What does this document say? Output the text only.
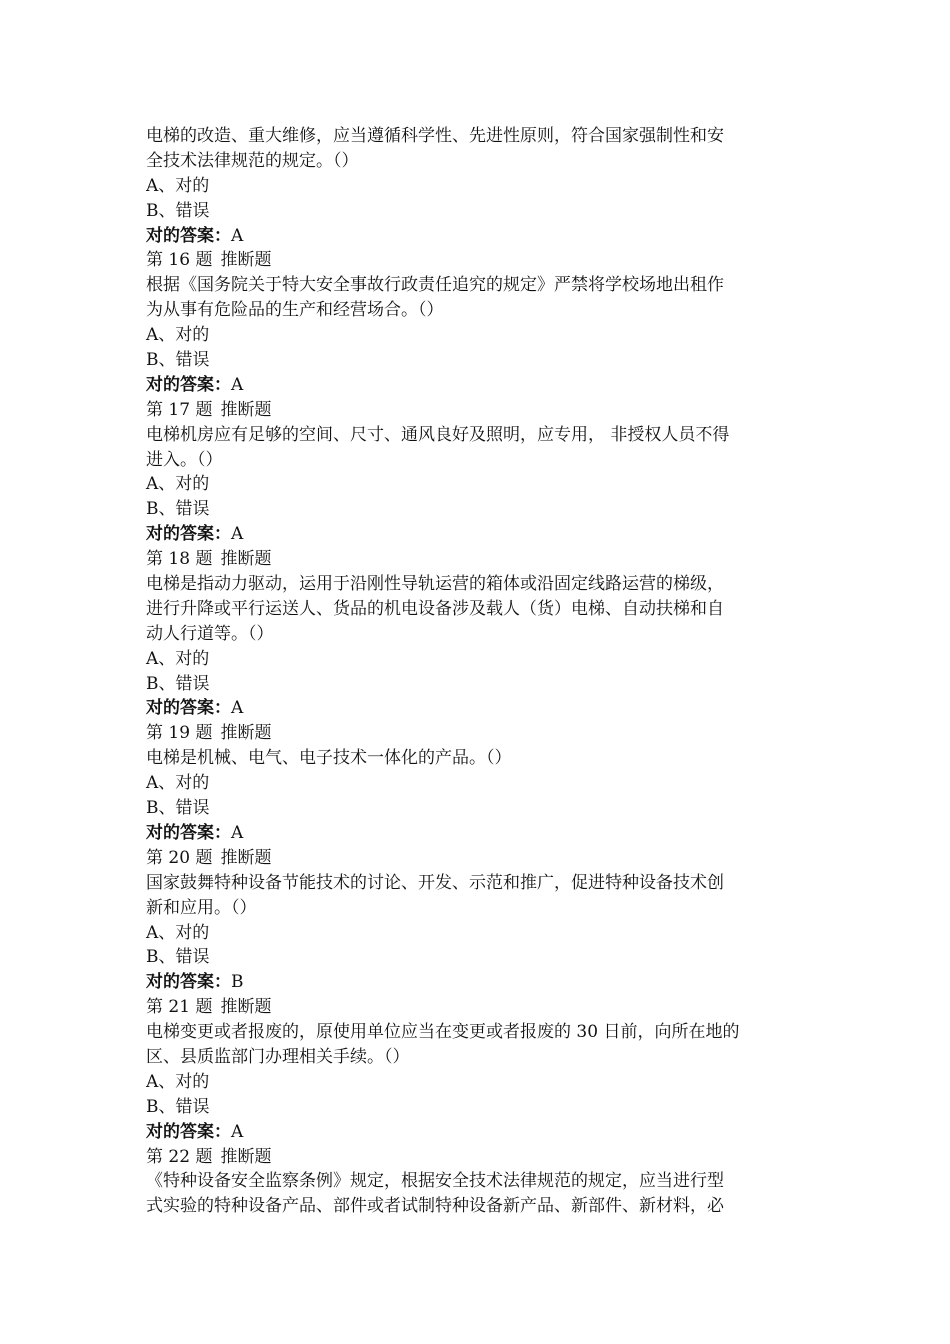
电梯的改造、重大维修，应当遵循科学性、先进性原则，符合国家强制性和安
全技术法律规范的规定。（）
A、对的
B、错误
对的答案：A
第 16 题 推断题
根据《国务院关于特大安全事故行政责任追究的规定》严禁将学校场地出租作
为从事有危险品的生产和经营场合。（）
A、对的
B、错误
对的答案：A
第 17 题 推断题
电梯机房应有足够的空间、尺寸、通风良好及照明，应专用， 非授权人员不得
进入。（）
A、对的
B、错误
对的答案：A
第 18 题 推断题
电梯是指动力驱动，运用于沿刚性导轨运营的箱体或沿固定线路运营的梯级，
进行升降或平行运送人、货品的机电设备涉及载人（货）电梯、自动扶梯和自
动人行道等。（）
A、对的
B、错误
对的答案：A
第 19 题 推断题
电梯是机械、电气、电子技术一体化的产品。（）
A、对的
B、错误
对的答案：A
第 20 题 推断题
国家鼓舞特种设备节能技术的讨论、开发、示范和推广，促进特种设备技术创
新和应用。（）
A、对的
B、错误
对的答案：B
第 21 题 推断题
电梯变更或者报废的，原使用单位应当在变更或者报废的 30 日前，向所在地的
区、县质监部门办理相关手续。（）
A、对的
B、错误
对的答案：A
第 22 题 推断题
《特种设备安全监察条例》规定，根据安全技术法律规范的规定，应当进行型
式实验的特种设备产品、部件或者试制特种设备新产品、新部件、新材料，必
